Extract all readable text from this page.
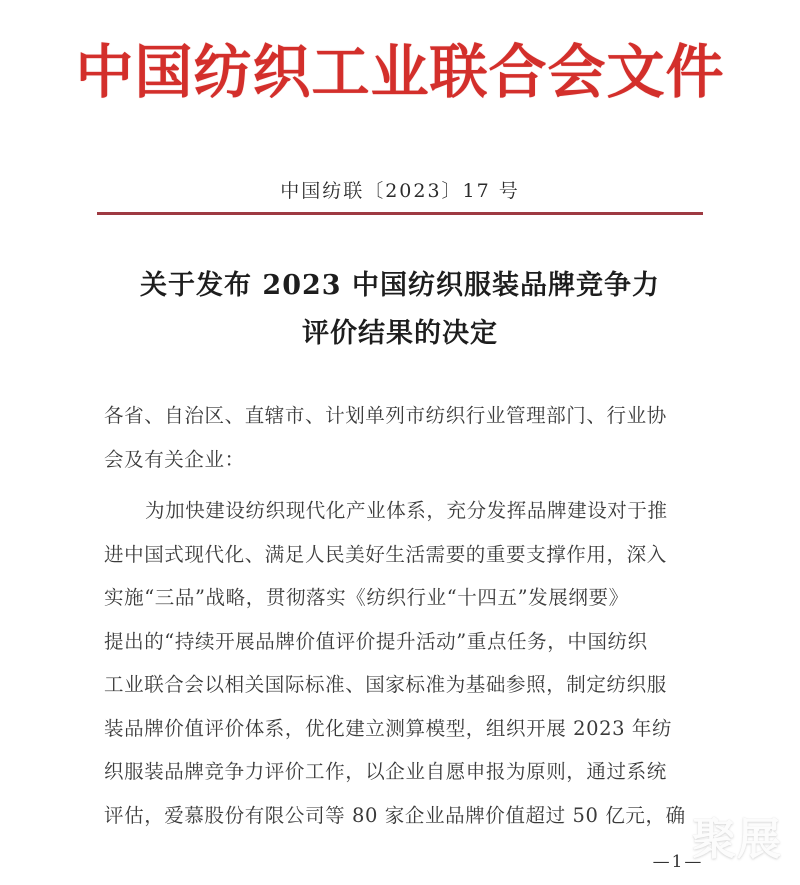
中国纺织工业联合会文件
中国纺联〔2023〕17 号
关于发布 2023 中国纺织服装品牌竞争力
评价结果的决定
各省、自治区、直辖市、计划单列市纺织行业管理部门、行业协
会及有关企业：
为加快建设纺织现代化产业体系，充分发挥品牌建设对于推
进中国式现代化、满足人民美好生活需要的重要支撑作用，深入
实施“三品”战略，贯彻落实《纺织行业“十四五”发展纲要》
提出的“持续开展品牌价值评价提升活动”重点任务，中国纺织
工业联合会以相关国际标准、国家标准为基础参照，制定纺织服
装品牌价值评价体系，优化建立测算模型，组织开展 2023 年纺
织服装品牌竞争力评价工作，以企业自愿申报为原则，通过系统
评估，爱慕股份有限公司等 80 家企业品牌价值超过 50 亿元，确
—1—
聚展
